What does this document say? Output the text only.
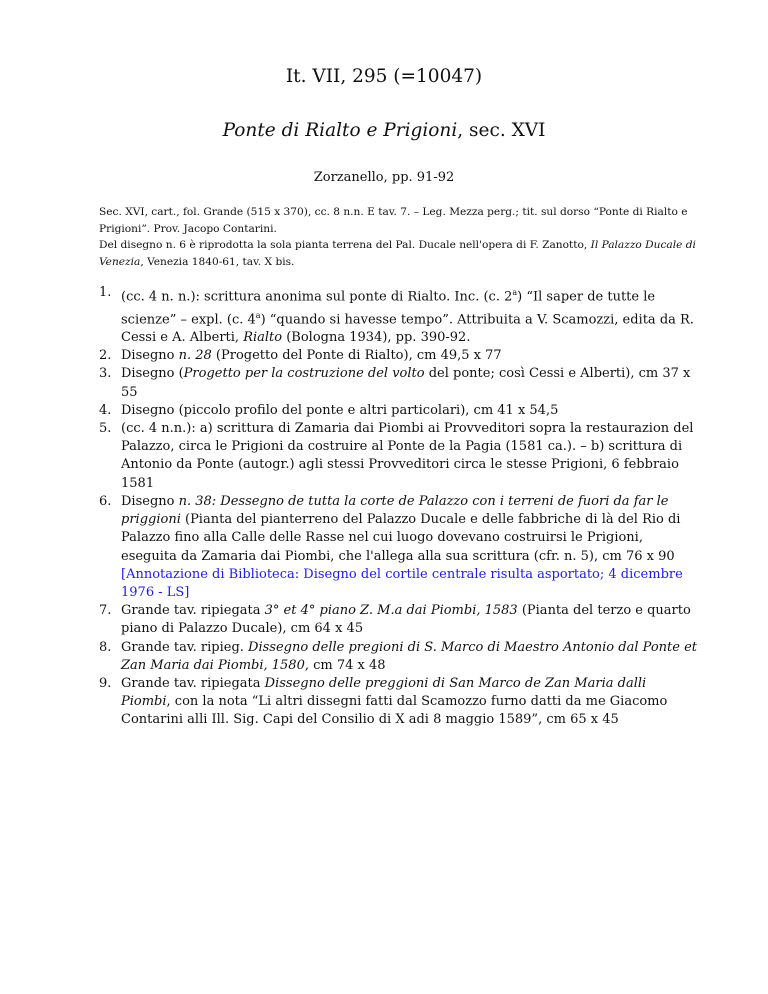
It. VII, 295 (=10047)
Ponte di Rialto e Prigioni, sec. XVI
Zorzanello, pp. 91-92

Sec. XVI, cart., fol. Grande (515 x 370), cc. 8 n.n. E tav. 7. – Leg. Mezza perg.; tit. sul dorso “Ponte di Rialto e Prigioni”. Prov. Jacopo Contarini.

Del disegno n. 6 è riprodotta la sola pianta terrena del Pal. Ducale nell'opera di F. Zanotto, Il Palazzo Ducale di Venezia, Venezia 1840-61, tav. X bis.

1. (cc. 4 n. n.): scrittura anonima sul ponte di Rialto. Inc. (c. 2$^a$) “Il saper de tutte le scienze” – expl. (c. 4$^a$) “quando si havesse tempo”. Attribuita a V. Scamozzi, edita da R. Cessi e A. Alberti, Rialto (Bologna 1934), pp. 390-92.
2. Disegno n. 28 (Progetto del Ponte di Rialto), cm 49,5 x 77
3. Disegno (Progetto per la costruzione del volto del ponte; così Cessi e Alberti), cm 37 x 55
4. Disegno (piccolo profilo del ponte e altri particolari), cm 41 x 54,5
5. (cc. 4 n.n.): a) scrittura di Zamaria dai Piombi ai Provveditori sopra la restaurazion del Palazzo, circa le Prigioni da costruire al Ponte de la Pagia (1581 ca.). – b) scrittura di Antonio da Ponte (autogr.) agli stessi Provveditori circa le stesse Prigioni, 6 febbraio 1581
6. Disegno n. 38: Dessegno de tutta la corte de Palazzo con i terreni de fuori da far le priggioni (Pianta del pianterreno del Palazzo Ducale e delle fabbriche di là del Rio di Palazzo fino alla Calle delle Rasse nel cui luogo dovevano costruirsi le Prigioni, eseguita da Zamaria dai Piombi, che l'allega alla sua scrittura (cfr. n. 5), cm 76 x 90
[Annotazione di Biblioteca: Disegno del cortile centrale risulta asportato; 4 dicembre 1976 - LS]
7. Grande tav. ripiegata 3° et 4° piano Z. M.a dai Piombi, 1583 (Pianta del terzo e quarto piano di Palazzo Ducale), cm 64 x 45
8. Grande tav. ripieg. Dissegno delle pregioni di S. Marco di Maestro Antonio dal Ponte et Zan Maria dai Piombi, 1580, cm 74 x 48
9. Grande tav. ripiegata Dissegno delle preggioni di San Marco de Zan Maria dalli Piombi, con la nota “Li altri dissegni fatti dal Scamozzo furno datti da me Giacomo Contarini alli Ill. Sig. Capi del Consilio di X adi 8 maggio 1589”, cm 65 x 45
